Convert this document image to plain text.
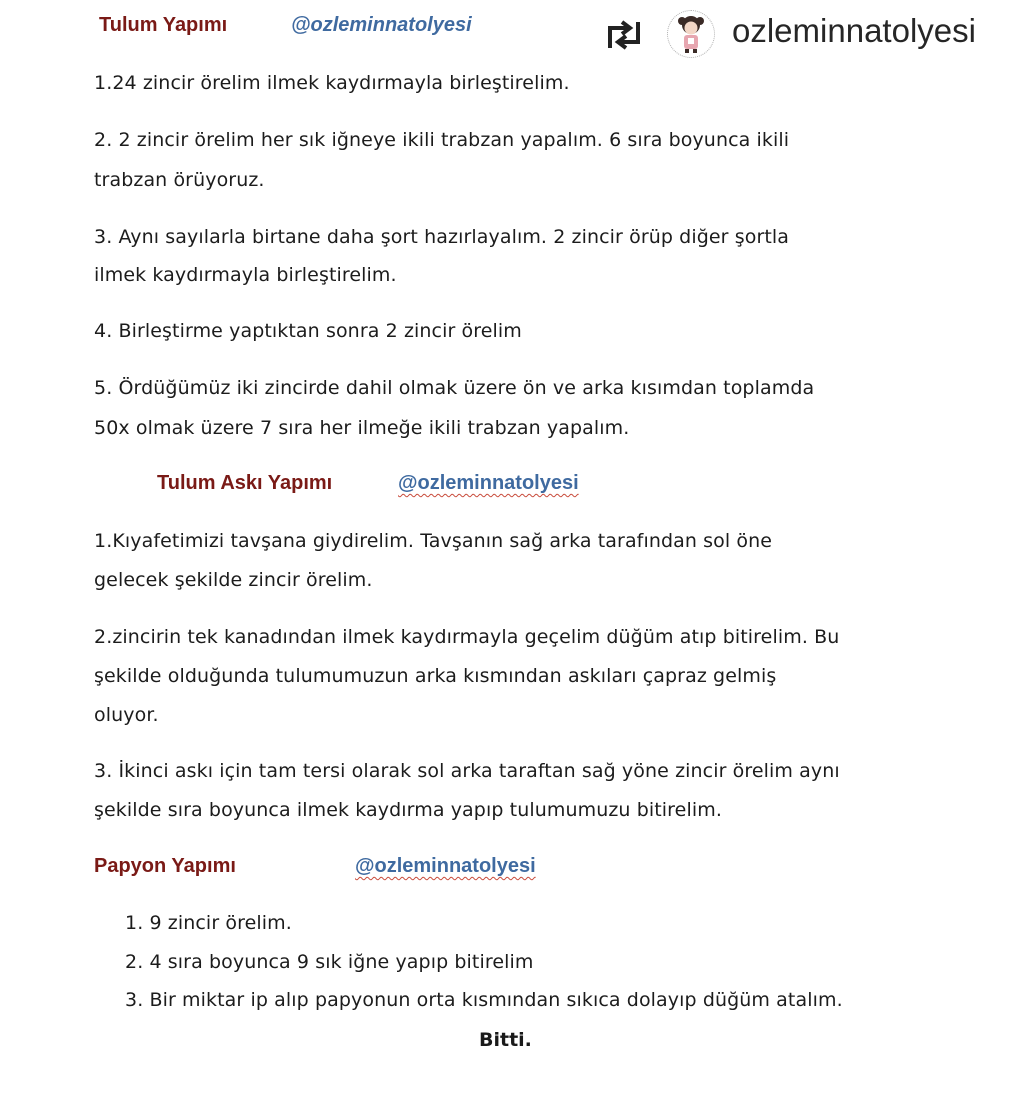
ozleminnatolyesi
Tulum Yapımı	@ozleminnatolyesi
1.24 zincir örelim ilmek kaydırmayla birleştirelim.
2. 2 zincir örelim her sık iğneye ikili trabzan yapalım. 6 sıra boyunca ikili
trabzan örüyoruz.
3. Aynı sayılarla birtane daha şort hazırlayalım. 2 zincir örüp diğer şortla
ilmek kaydırmayla birleştirelim.
4. Birleştirme yaptıktan sonra 2 zincir örelim
5. Ördüğümüz iki zincirde dahil olmak üzere ön ve arka kısımdan toplamda
50x olmak üzere 7 sıra her ilmeğe ikili trabzan yapalım.
Tulum Askı Yapımı	@ozleminnatolyesi
1.Kıyafetimizi tavşana giydirelim. Tavşanın sağ arka tarafından sol öne
gelecek şekilde zincir örelim.
2.zincirin tek kanadından ilmek kaydırmayla geçelim düğüm atıp bitirelim. Bu
şekilde olduğunda tulumumuzun arka kısmından askıları çapraz gelmiş
oluyor.
3. İkinci askı için tam tersi olarak sol arka taraftan sağ yöne zincir örelim aynı
şekilde sıra boyunca ilmek kaydırma yapıp tulumumuzu bitirelim.
Papyon Yapımı	@ozleminnatolyesi
1. 9 zincir örelim.
2. 4 sıra boyunca 9 sık iğne yapıp bitirelim
3. Bir miktar ip alıp papyonun orta kısmından sıkıca dolayıp düğüm atalım.
Bitti.
